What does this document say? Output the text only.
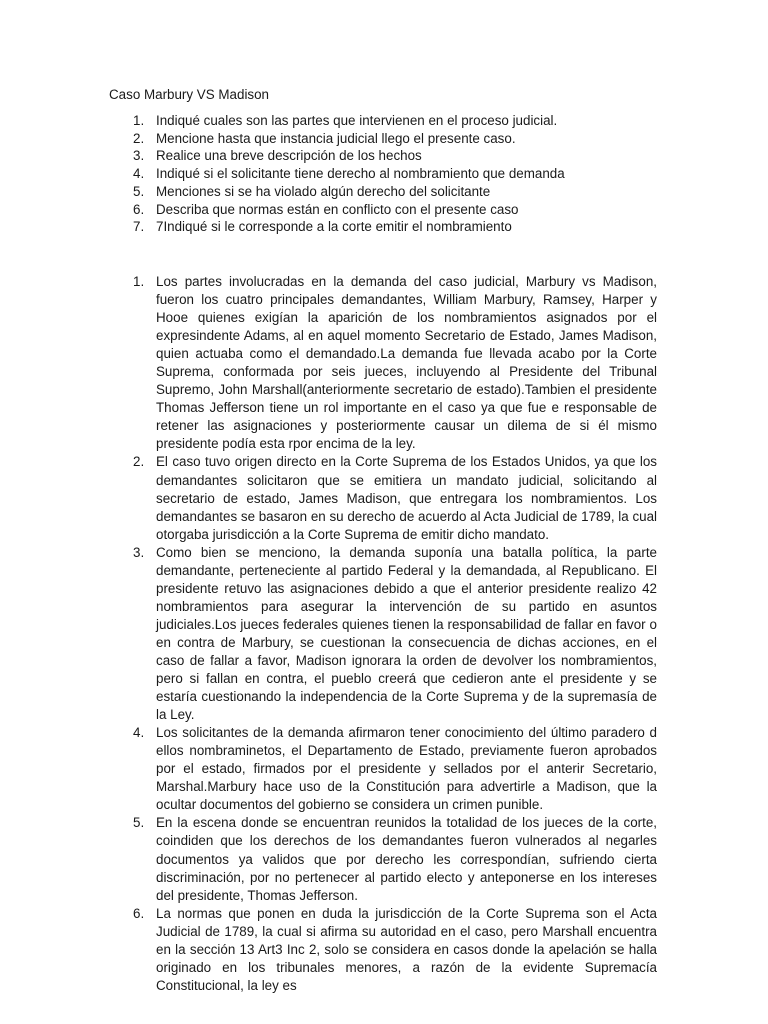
Caso Marbury VS Madison
1. Indiqué cuales son las partes que intervienen en el proceso judicial.
2. Mencione hasta que instancia judicial llego el presente caso.
3. Realice una breve descripción de los hechos
4. Indiqué si el solicitante tiene derecho al nombramiento que demanda
5. Menciones si se ha violado algún derecho del solicitante
6. Describa que normas están en conflicto con el presente caso
7. 7Indiqué si le corresponde a la corte emitir el nombramiento
1. Los partes involucradas en la demanda del caso judicial, Marbury vs Madison, fueron los cuatro principales demandantes, William Marbury, Ramsey, Harper y Hooe quienes exigían la aparición de los nombramientos asignados por el expresindente Adams, al en aquel momento Secretario de Estado, James Madison, quien actuaba como el demandado.La demanda fue llevada acabo por la Corte Suprema, conformada por seis jueces, incluyendo al Presidente del Tribunal Supremo, John Marshall(anteriormente secretario de estado).Tambien el presidente Thomas Jefferson tiene un rol importante en el caso ya que fue e responsable de retener las asignaciones y posteriormente causar un dilema de si él mismo presidente podía esta rpor encima de la ley.
2. El caso tuvo origen directo en la Corte Suprema de los Estados Unidos, ya que los demandantes solicitaron que se emitiera un mandato judicial, solicitando al secretario de estado, James Madison, que entregara los nombramientos. Los demandantes se basaron en su derecho de acuerdo al Acta Judicial de 1789, la cual otorgaba jurisdicción a la Corte Suprema de emitir dicho mandato.
3. Como bien se menciono, la demanda suponía una batalla política, la parte demandante, perteneciente al partido Federal y la demandada, al Republicano. El presidente retuvo las asignaciones debido a que el anterior presidente realizo 42 nombramientos para asegurar la intervención de su partido en asuntos judiciales.Los jueces federales quienes tienen la responsabilidad de fallar en favor o en contra de Marbury, se cuestionan la consecuencia de dichas acciones, en el caso de fallar a favor, Madison ignorara la orden de devolver los nombramientos, pero si fallan en contra, el pueblo creerá que cedieron ante el presidente y se estaría cuestionando la independencia de la Corte Suprema y de la supremasía de la Ley.
4. Los solicitantes de la demanda afirmaron tener conocimiento del último paradero d ellos nombraminetos, el Departamento de Estado, previamente fueron aprobados por el estado, firmados por el presidente y sellados por el anterir Secretario, Marshal.Marbury hace uso de la Constitución para advertirle a Madison, que la ocultar documentos del gobierno se considera un crimen punible.
5. En la escena donde se encuentran reunidos la totalidad de los jueces de la corte, coindiden que los derechos de los demandantes fueron vulnerados al negarles documentos ya validos que por derecho les correspondían, sufriendo cierta discriminación, por no pertenecer al partido electo y anteponerse en los intereses del presidente, Thomas Jefferson.
6. La normas que ponen en duda la jurisdicción de la Corte Suprema son el Acta Judicial de 1789, la cual si afirma su autoridad en el caso, pero Marshall encuentra en la sección 13 Art3 Inc 2, solo se considera en casos donde la apelación se halla originado en los tribunales menores, a razón de la evidente Supremacía Constitucional, la ley es
